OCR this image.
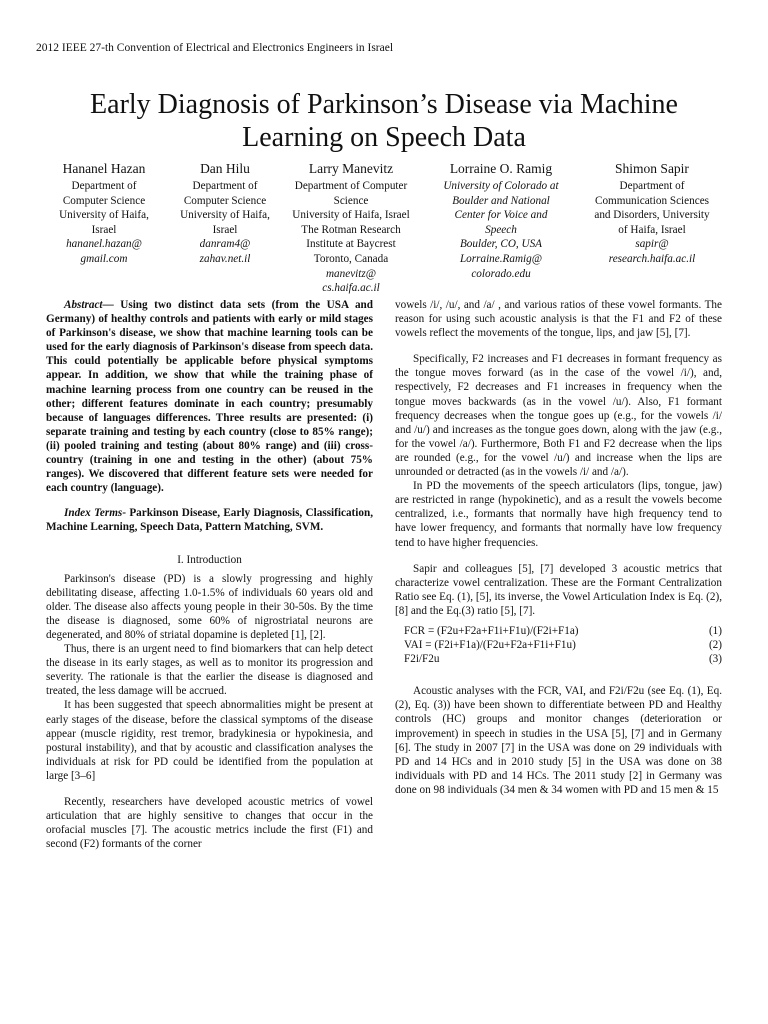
2012 IEEE 27-th Convention of Electrical and Electronics Engineers in Israel
Early Diagnosis of Parkinson’s Disease via Machine
Learning on Speech Data
Hananel Hazan
Department of
Computer Science
University of Haifa,
Israel
hananel.hazan@
gmail.com
Dan Hilu
Department of
Computer Science
University of Haifa,
Israel
danram4@
zahav.net.il
Larry Manevitz
Department of Computer
Science
University of Haifa, Israel
The Rotman Research
Institute at Baycrest
Toronto, Canada
manevitz@
cs.haifa.ac.il
Lorraine O. Ramig
University of Colorado at
Boulder and National
Center for Voice and
Speech
Boulder, CO, USA
Lorraine.Ramig@
colorado.edu
Shimon Sapir
Department of
Communication Sciences
and Disorders, University
of Haifa, Israel
sapir@
research.haifa.ac.il

Abstract— Using two distinct data sets (from the USA and Germany) of healthy controls and patients with early or mild stages of Parkinson's disease, we show that machine learning tools can be used for the early diagnosis of Parkinson's disease from speech data. This could potentially be applicable before physical symptoms appear. In addition, we show that while the training phase of machine learning process from one country can be reused in the other; different features dominate in each country; presumably because of languages differences. Three results are presented: (i) separate training and testing by each country (close to 85% range); (ii) pooled training and testing (about 80% range) and (iii) cross-country (training in one and testing in the other) (about 75% ranges). We discovered that different feature sets were needed for each country (language).

Index Terms- Parkinson Disease, Early Diagnosis, Classification, Machine Learning, Speech Data, Pattern Matching, SVM.

I. Introduction

Parkinson's disease (PD) is a slowly progressing and highly debilitating disease, affecting 1.0-1.5% of individuals 60 years old and older. The disease also affects young people in their 30-50s. By the time the disease is diagnosed, some 60% of nigrostriatal neurons are degenerated, and 80% of striatal dopamine is depleted [1], [2].

Thus, there is an urgent need to find biomarkers that can help detect the disease in its early stages, as well as to monitor its progression and severity. The rationale is that the earlier the disease is diagnosed and treated, the less damage will be accrued.

It has been suggested that speech abnormalities might be present at early stages of the disease, before the classical symptoms of the disease appear (muscle rigidity, rest tremor, bradykinesia or hypokinesia, and postural instability), and that by acoustic and classification analyses the individuals at risk for PD could be identified from the population at large [3–6]

Recently, researchers have developed acoustic metrics of vowel articulation that are highly sensitive to changes that occur in the orofacial muscles [7]. The acoustic metrics include the first (F1) and second (F2) formants of the corner

vowels /i/, /u/, and /a/ , and various ratios of these vowel formants. The reason for using such acoustic analysis is that the F1 and F2 of these vowels reflect the movements of the tongue, lips, and jaw [5], [7].

Specifically, F2 increases and F1 decreases in formant frequency as the tongue moves forward (as in the case of the vowel /i/), and, respectively, F2 decreases and F1 increases in frequency when the tongue moves backwards (as in the vowel /u/). Also, F1 formant frequency decreases when the tongue goes up (e.g., for the vowels /i/ and /u/) and increases as the tongue goes down, along with the jaw (e.g., for the vowel /a/). Furthermore, Both F1 and F2 decrease when the lips are rounded (e.g., for the vowel /u/) and increase when the lips are unrounded or detracted (as in the vowels /i/ and /a/).

In PD the movements of the speech articulators (lips, tongue, jaw) are restricted in range (hypokinetic), and as a result the vowels become centralized, i.e., formants that normally have high frequency tend to have lower frequency, and formants that normally have low frequency tend to have higher frequencies.

Sapir and colleagues [5], [7] developed 3 acoustic metrics that characterize vowel centralization. These are the Formant Centralization Ratio see Eq. (1), [5], its inverse, the Vowel Articulation Index is Eq. (2), [8] and the Eq.(3) ratio [5], [7].

FCR = (F2u+F2a+F1i+F1u)/(F2i+F1a)	(1)
VAI = (F2i+F1a)/(F2u+F2a+F1i+F1u)	(2)
F2i/F2u	(3)

Acoustic analyses with the FCR, VAI, and F2i/F2u (see Eq. (1), Eq. (2), Eq. (3)) have been shown to differentiate between PD and Healthy controls (HC) groups and monitor changes (deterioration or improvement) in speech in studies in the USA [5], [7] and in Germany [6]. The study in 2007 [7] in the USA was done on 29 individuals with PD and 14 HCs and in 2010 study [5] in the USA was done on 38 individuals with PD and 14 HCs. The 2011 study [2] in Germany was done on 98 individuals (34 men & 34 women with PD and 15 men & 15
